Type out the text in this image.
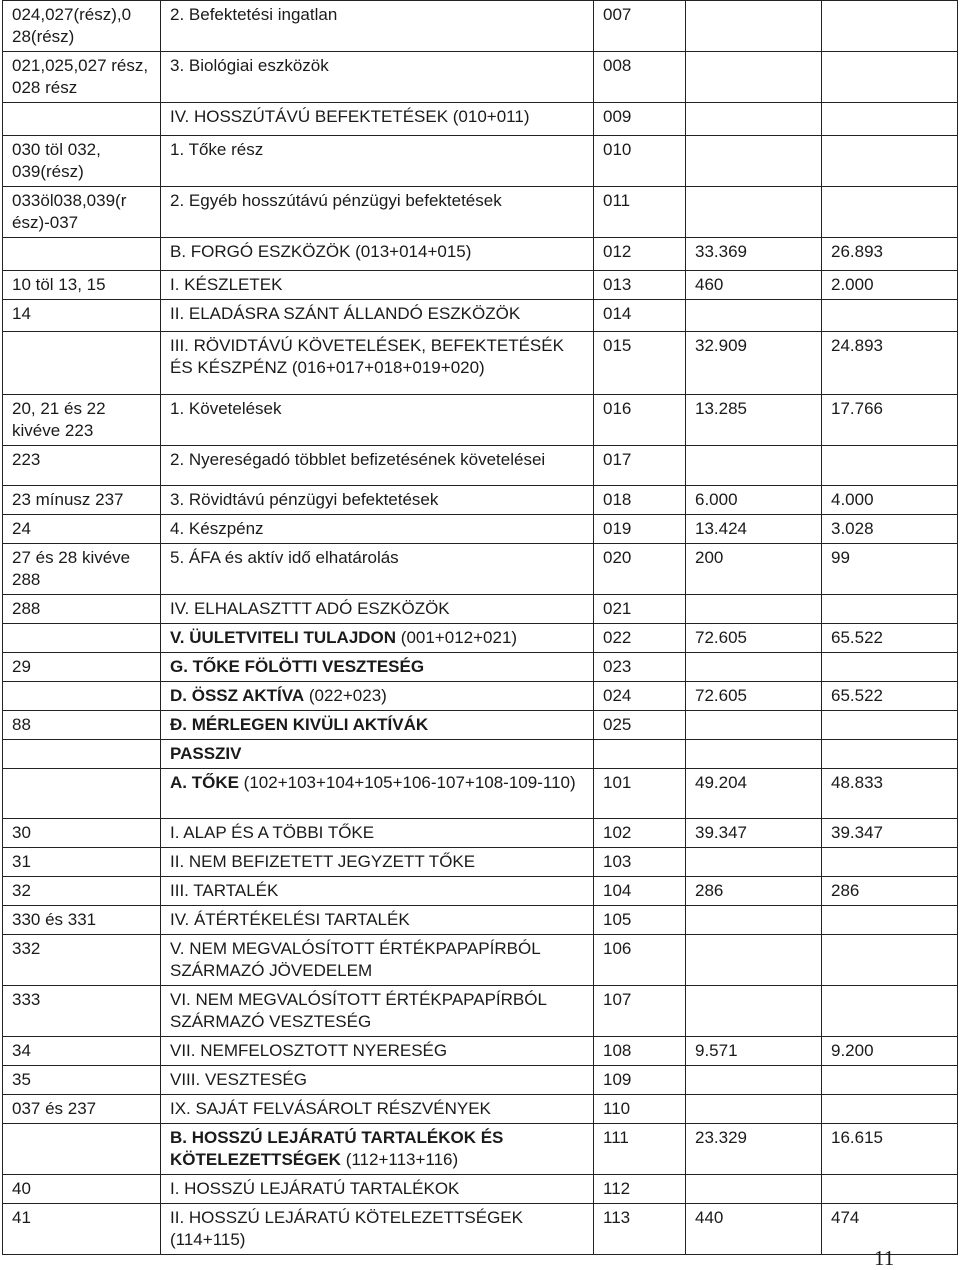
024,027(rész),0 28(rész)	2. Befektetési ingatlan	007		
021,025,027 rész, 028 rész	3. Biológiai eszközök	008		
	IV. HOSSZÚTÁVÚ BEFEKTETÉSEK (010+011)	009		
030 töl 032, 039(rész)	1. Tőke rész	010		
033öl038,039(r ész)-037	2. Egyéb hosszútávú pénzügyi befektetések	011		
	B. FORGÓ ESZKÖZÖK (013+014+015)	012	33.369	26.893
10 töl 13, 15	I. KÉSZLETEK	013	460	2.000
14	II. ELADÁSRA SZÁNT ÁLLANDÓ ESZKÖZÖK	014		
	III. RÖVIDTÁVÚ KÖVETELÉSEK, BEFEKTETÉSÉK ÉS KÉSZPÉNZ (016+017+018+019+020)	015	32.909	24.893
20, 21 és 22 kivéve 223	1. Követelések	016	13.285	17.766
223	2. Nyereségadó többlet befizetésének követelései	017		
23 mínusz 237	3. Rövidtávú pénzügyi befektetések	018	6.000	4.000
24	4. Készpénz	019	13.424	3.028
27 és 28 kivéve 288	5. ÁFA és aktív idő elhatárolás	020	200	99
288	IV. ELHALASZTTT ADÓ ESZKÖZÖK	021		
	V. ÜULETVITELI TULAJDON (001+012+021)	022	72.605	65.522
29	G. TŐKE FÖLÖTTI VESZTESÉG	023		
	D. ÖSSZ AKTÍVA (022+023)	024	72.605	65.522
88	Đ. MÉRLEGEN KIVÜLI AKTÍVÁK	025		
	PASSZIV			
	A. TŐKE (102+103+104+105+106-107+108-109-110)	101	49.204	48.833
30	I. ALAP ÉS A TÖBBI TŐKE	102	39.347	39.347
31	II. NEM BEFIZETETT JEGYZETT TŐKE	103		
32	III. TARTALÉK	104	286	286
330 és 331	IV. ÁTÉRTÉKELÉSI TARTALÉK	105		
332	V. NEM MEGVALÓSÍTOTT ÉRTÉKPAPAPÍRBÓL SZÁRMAZÓ JÖVEDELEM	106		
333	VI. NEM MEGVALÓSÍTOTT ÉRTÉKPAPAPÍRBÓL SZÁRMAZÓ VESZTESÉG	107		
34	VII. NEMFELOSZTOTT NYERESÉG	108	9.571	9.200
35	VIII. VESZTESÉG	109		
037 és 237	IX. SAJÁT FELVÁSÁROLT RÉSZVÉNYEK	110		
	B. HOSSZÚ LEJÁRATÚ TARTALÉKOK ÉS KÖTELEZETTSÉGEK (112+113+116)	111	23.329	16.615
40	I. HOSSZÚ LEJÁRATÚ TARTALÉKOK	112		
41	II. HOSSZÚ LEJÁRATÚ KÖTELEZETTSÉGEK (114+115)	113	440	474
11
